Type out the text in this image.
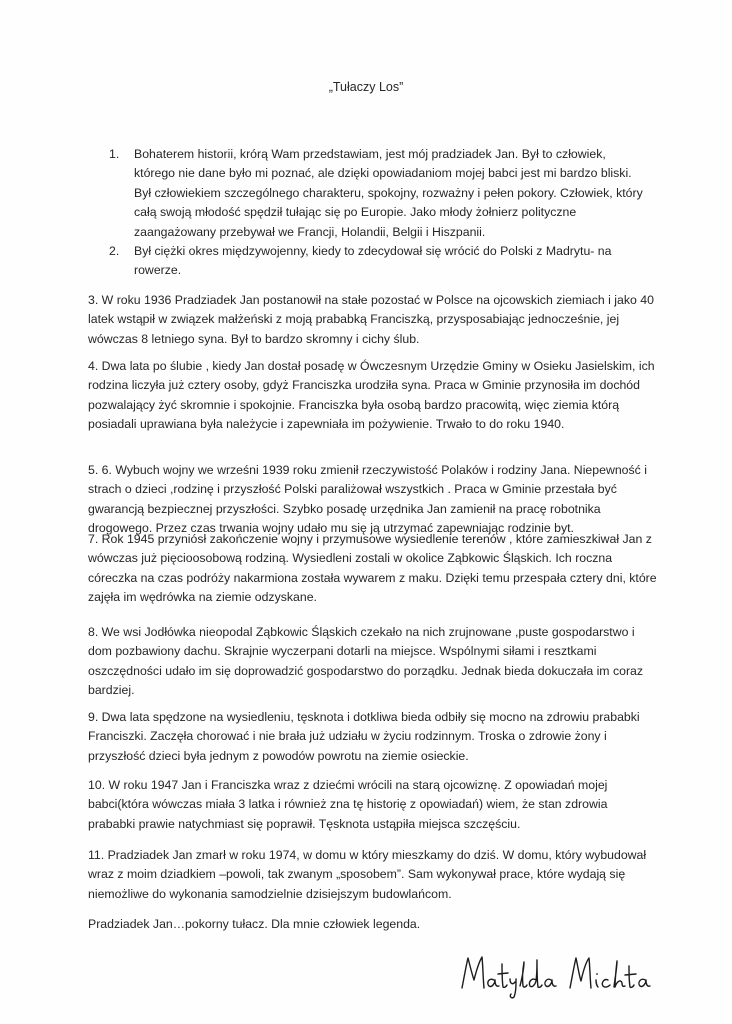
„Tułaczy Los”
1. Bohaterem historii, krórą Wam przedstawiam, jest mój pradziadek Jan. Był to człowiek, którego nie dane było mi poznać, ale dzięki opowiadaniom mojej babci jest mi bardzo bliski. Był człowiekiem szczególnego charakteru, spokojny, rozważny i pełen pokory. Człowiek, który całą swoją młodość spędził tułając się po Europie. Jako młody żołnierz polityczne zaangażowany przebywał we Francji, Holandii, Belgii i Hiszpanii.
2. Był ciężki okres międzywojenny, kiedy to zdecydował się wrócić do Polski z Madrytu- na rowerze.

3. W roku 1936 Pradziadek Jan postanowił na stałe pozostać w Polsce na ojcowskich ziemiach i jako 40 latek wstąpił w związek małżeński z moją prababką Franciszką, przysposabiając jednocześnie, jej wówczas 8 letniego syna. Był to bardzo skromny i cichy ślub.

4. Dwa lata po ślubie , kiedy Jan dostał posadę w Ówczesnym Urzędzie Gminy w Osieku Jasielskim, ich rodzina liczyła już cztery osoby, gdyż Franciszka urodziła syna. Praca w Gminie przynosiła im dochód pozwalający żyć skromnie i spokojnie. Franciszka była osobą bardzo pracowitą, więc ziemia którą posiadali uprawiana była należycie i zapewniała im pożywienie. Trwało to do roku 1940.

5. 6. Wybuch wojny we wrześni 1939 roku zmienił rzeczywistość Polaków i rodziny Jana. Niepewność i strach o dzieci ,rodzinę i przyszłość Polski paraliżował wszystkich . Praca w Gminie przestała być gwarancją bezpiecznej przyszłości. Szybko posadę urzędnika Jan zamienił na pracę robotnika drogowego. Przez czas trwania wojny udało mu się ją utrzymać zapewniając rodzinie byt.

7. Rok 1945 przyniósł zakończenie wojny i przymusowe wysiedlenie terenów , które zamieszkiwał Jan z wówczas już pięcioosobową rodziną. Wysiedleni zostali w okolice Ząbkowic Śląskich. Ich roczna córeczka na czas podróży nakarmiona została wywarem z maku. Dzięki temu przespała cztery dni, które zajęła im wędrówka na ziemie odzyskane.

8. We wsi Jodłówka nieopodal Ząbkowic Śląskich czekało na nich zrujnowane ,puste gospodarstwo i dom pozbawiony dachu. Skrajnie wyczerpani dotarli na miejsce. Wspólnymi siłami i resztkami oszczędności udało im się doprowadzić gospodarstwo do porządku. Jednak bieda dokuczała im coraz bardziej.

9. Dwa lata spędzone na wysiedleniu, tęsknota i dotkliwa bieda odbiły się mocno na zdrowiu prababki Franciszki. Zaczęła chorować i nie brała już udziału w życiu rodzinnym. Troska o zdrowie żony i przyszłość dzieci była jednym z powodów powrotu na ziemie osieckie.

10. W roku 1947 Jan i Franciszka wraz z dziećmi wrócili na starą ojcowiznę. Z opowiadań mojej babci(która wówczas miała 3 latka i również zna tę historię z opowiadań) wiem, że stan zdrowia prababki prawie natychmiast się poprawił. Tęsknota ustąpiła miejsca szczęściu.

11. Pradziadek Jan zmarł w roku 1974, w domu w który mieszkamy do dziś. W domu, który wybudował wraz z moim dziadkiem –powoli, tak zwanym „sposobem”. Sam wykonywał prace, które wydają się niemożliwe do wykonania samodzielnie dzisiejszym budowlańcom.

Pradziadek Jan…pokorny tułacz. Dla mnie człowiek legenda.
